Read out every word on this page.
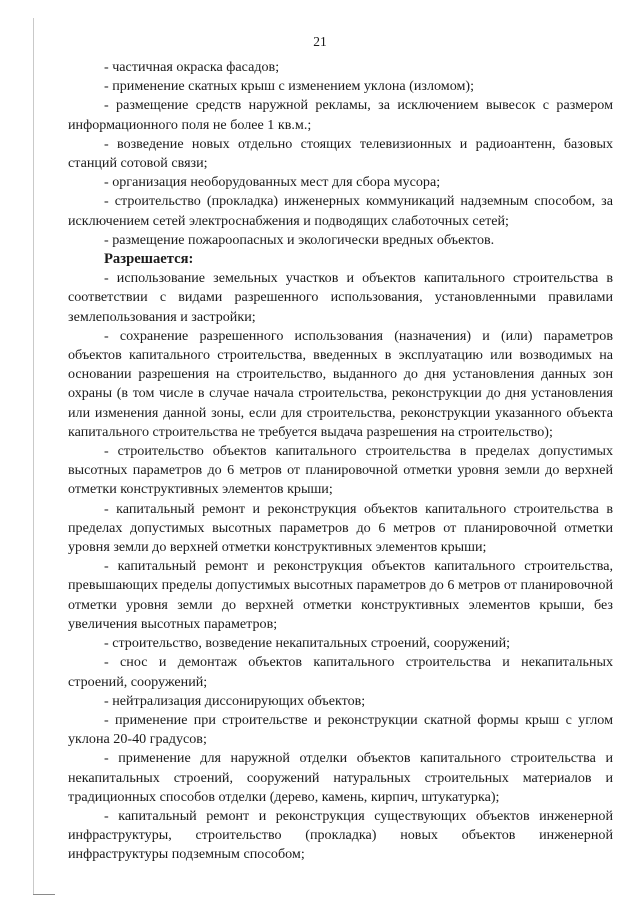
21

- частичная окраска фасадов;

- применение скатных крыш с изменением уклона (изломом);

- размещение средств наружной рекламы, за исключением вывесок с размером информационного поля не более 1 кв.м.;

- возведение новых отдельно стоящих телевизионных и радиоантенн, базовых станций сотовой связи;

- организация необорудованных мест для сбора мусора;

- строительство (прокладка) инженерных коммуникаций надземным способом, за исключением сетей электроснабжения и подводящих слаботочных сетей;

- размещение пожароопасных и экологически вредных объектов.

Разрешается:

- использование земельных участков и объектов капитального строительства в соответствии с видами разрешенного использования, установленными правилами землепользования и застройки;

- сохранение разрешенного использования (назначения) и (или) параметров объектов капитального строительства, введенных в эксплуатацию или возводимых на основании разрешения на строительство, выданного до дня установления данных зон охраны (в том числе в случае начала строительства, реконструкции до дня установления или изменения данной зоны, если для строительства, реконструкции указанного объекта капитального строительства не требуется выдача разрешения на строительство);

- строительство объектов капитального строительства в пределах допустимых высотных параметров до 6 метров от планировочной отметки уровня земли до верхней отметки конструктивных элементов крыши;

- капитальный ремонт и реконструкция объектов капитального строительства в пределах допустимых высотных параметров до 6 метров от планировочной отметки уровня земли до верхней отметки конструктивных элементов крыши;

- капитальный ремонт и реконструкция объектов капитального строительства, превышающих пределы допустимых высотных параметров до 6 метров от планировочной отметки уровня земли до верхней отметки конструктивных элементов крыши, без увеличения высотных параметров;

- строительство, возведение некапитальных строений, сооружений;

- снос и демонтаж объектов капитального строительства и некапитальных строений, сооружений;

- нейтрализация диссонирующих объектов;

- применение при строительстве и реконструкции скатной формы крыш с углом уклона 20-40 градусов;

- применение для наружной отделки объектов капитального строительства и некапитальных строений, сооружений натуральных строительных материалов и традиционных способов отделки (дерево, камень, кирпич, штукатурка);

- капитальный ремонт и реконструкция существующих объектов инженерной инфраструктуры, строительство (прокладка) новых объектов инженерной инфраструктуры подземным способом;
